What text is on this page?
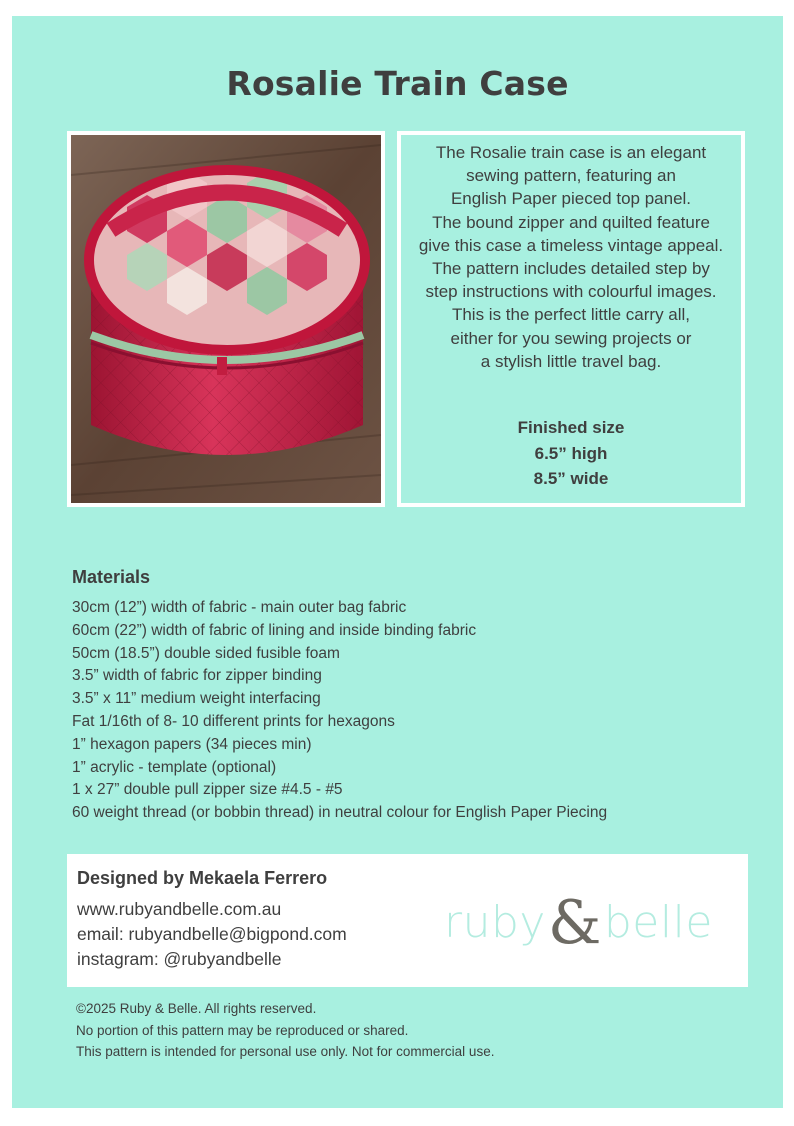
Rosalie Train Case
The Rosalie train case is an elegant
sewing pattern, featuring an
English Paper pieced top panel.
The bound zipper and quilted feature
give this case a timeless vintage appeal.
The pattern includes detailed step by
step instructions with colourful images.
This is the perfect little carry all,
either for you sewing projects or
a stylish little travel bag.
Finished size
6.5” high
8.5” wide
Materials
30cm (12”) width of fabric - main outer bag fabric
60cm (22”) width of fabric of lining and inside binding fabric
50cm (18.5”) double sided fusible foam
3.5” width of fabric for zipper binding
3.5” x 11” medium weight interfacing
Fat 1/16th of 8- 10 different prints for hexagons
1” hexagon papers (34 pieces min)
1” acrylic - template (optional)
1 x 27” double pull zipper size #4.5 - #5
60 weight thread (or bobbin thread) in neutral colour for English Paper Piecing
Designed by Mekaela Ferrero
www.rubyandbelle.com.au
email: rubyandbelle@bigpond.com
instagram: @rubyandbelle
ruby&belle
©2025 Ruby & Belle. All rights reserved.
No portion of this pattern may be reproduced or shared.
This pattern is intended for personal use only. Not for commercial use.
